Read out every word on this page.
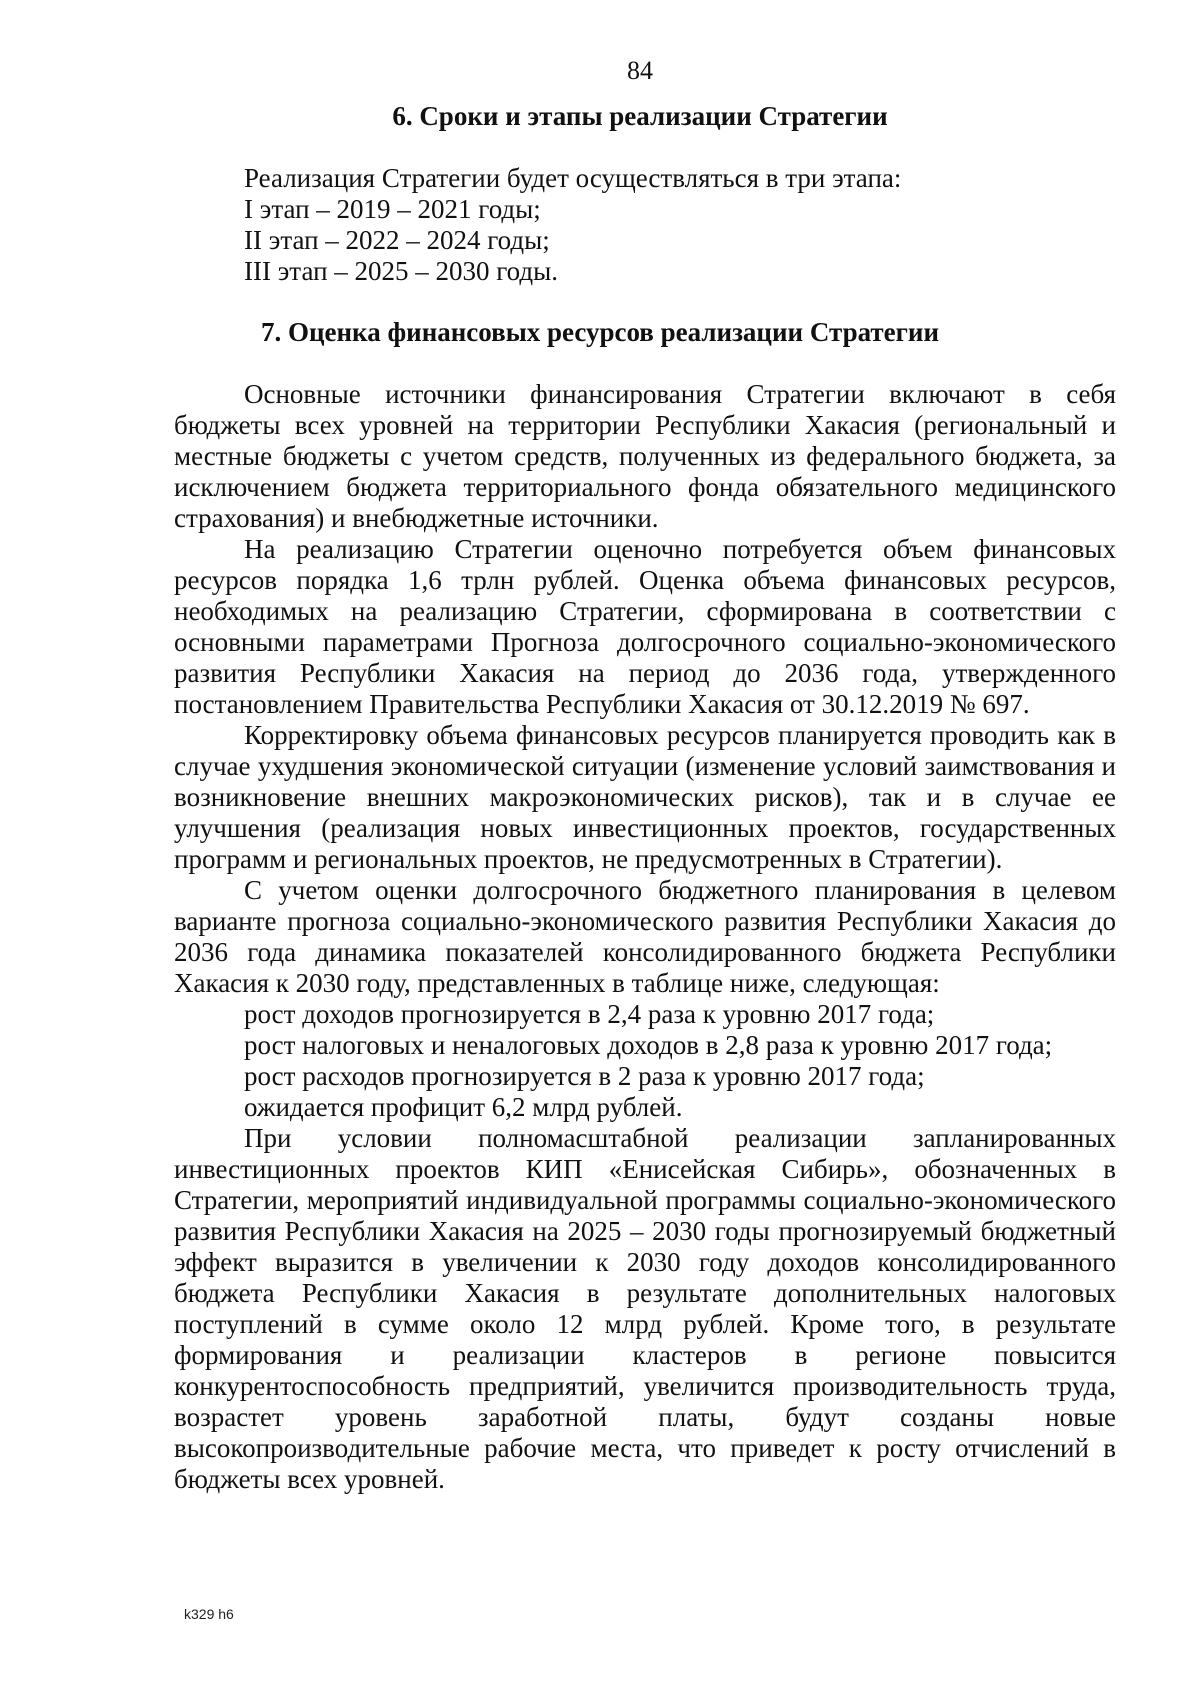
84
6. Сроки и этапы реализации Стратегии
Реализация Стратегии будет осуществляться в три этапа:
I этап – 2019 – 2021 годы;
II этап – 2022 – 2024 годы;
III этап – 2025 – 2030 годы.
7. Оценка финансовых ресурсов реализации Стратегии

Основные источники финансирования Стратегии включают в себя бюджеты всех уровней на территории Республики Хакасия (региональный и местные бюджеты с учетом средств, полученных из федерального бюджета, за исключением бюджета территориального фонда обязательного медицинского страхования) и внебюджетные источники.

На реализацию Стратегии оценочно потребуется объем финансовых ресурсов порядка 1,6 трлн рублей. Оценка объема финансовых ресурсов, необходимых на реализацию Стратегии, сформирована в соответствии с основными параметрами Прогноза долгосрочного социально-экономического развития Республики Хакасия на период до 2036 года, утвержденного постановлением Правительства Республики Хакасия от 30.12.2019 № 697.

Корректировку объема финансовых ресурсов планируется проводить как в случае ухудшения экономической ситуации (изменение условий заимствования и возникновение внешних макроэкономических рисков), так и в случае ее улучшения (реализация новых инвестиционных проектов, государственных программ и региональных проектов, не предусмотренных в Стратегии).

С учетом оценки долгосрочного бюджетного планирования в целевом варианте прогноза социально-экономического развития Республики Хакасия до 2036 года динамика показателей консолидированного бюджета Республики Хакасия к 2030 году, представленных в таблице ниже, следующая:

рост доходов прогнозируется в 2,4 раза к уровню 2017 года;

рост налоговых и неналоговых доходов в 2,8 раза к уровню 2017 года;

рост расходов прогнозируется в 2 раза к уровню 2017 года;

ожидается профицит 6,2 млрд рублей.

При условии полномасштабной реализации запланированных инвестиционных проектов КИП «Енисейская Сибирь», обозначенных в Стратегии, мероприятий индивидуальной программы социально-экономического развития Республики Хакасия на 2025 – 2030 годы прогнозируемый бюджетный эффект выразится в увеличении к 2030 году доходов консолидированного бюджета Республики Хакасия в результате дополнительных налоговых поступлений в сумме около 12 млрд рублей. Кроме того, в результате формирования и реализации кластеров в регионе повысится конкурентоспособность предприятий, увеличится производительность труда, возрастет уровень заработной платы, будут созданы новые высокопроизводительные рабочие места, что приведет к росту отчислений в бюджеты всех уровней.

k329 h6
